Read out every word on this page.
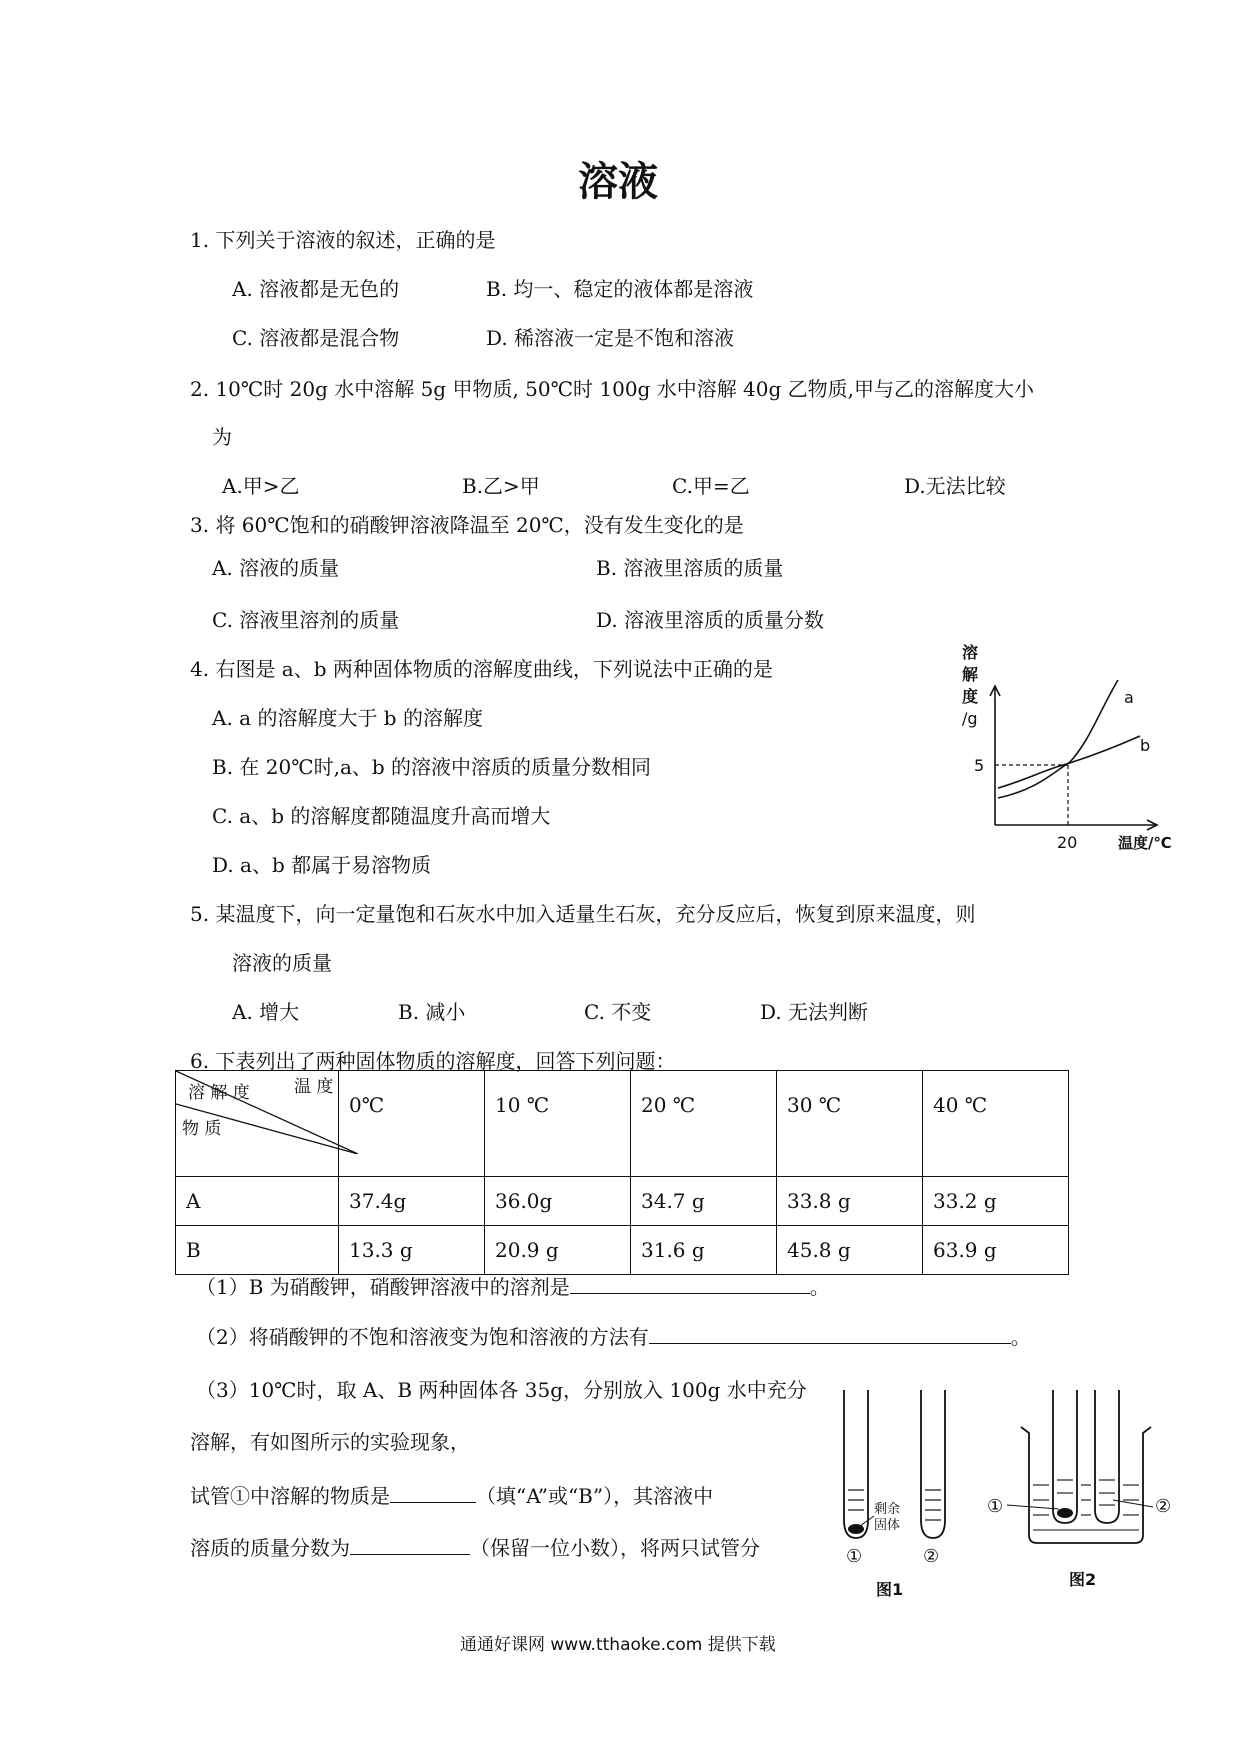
溶液
1. 下列关于溶液的叙述，正确的是
A. 溶液都是无色的	B. 均一、稳定的液体都是溶液
C. 溶液都是混合物	D. 稀溶液一定是不饱和溶液
2. 10℃时 20g 水中溶解 5g 甲物质, 50℃时 100g 水中溶解 40g 乙物质,甲与乙的溶解度大小
为
A.甲>乙	B.乙>甲	C.甲=乙	D.无法比较
3. 将 60℃饱和的硝酸钾溶液降温至 20℃，没有发生变化的是
A. 溶液的质量	B. 溶液里溶质的质量
C. 溶液里溶剂的质量	D. 溶液里溶质的质量分数
4. 右图是 a、b 两种固体物质的溶解度曲线，下列说法中正确的是
A. a 的溶解度大于 b 的溶解度
B. 在 20℃时,a、b 的溶液中溶质的质量分数相同
C. a、b 的溶解度都随温度升高而增大
D. a、b 都属于易溶物质
溶
解
度
/g
5
20	温度/℃
a
b
5. 某温度下，向一定量饱和石灰水中加入适量生石灰，充分反应后，恢复到原来温度，则
溶液的质量
A. 增大	B. 减小	C. 不变	D. 无法判断
6. 下表列出了两种固体物质的溶解度，回答下列问题：
溶 解 度 温 度
物 质	0℃	10 ℃	20 ℃	30 ℃	40 ℃
A	37.4g	36.0g	34.7 g	33.8 g	33.2 g
B	13.3 g	20.9 g	31.6 g	45.8 g	63.9 g
（1）B 为硝酸钾，硝酸钾溶液中的溶剂是	。
（2）将硝酸钾的不饱和溶液变为饱和溶液的方法有	。
（3）10℃时，取 A、B 两种固体各 35g，分别放入 100g 水中充分
溶解，有如图所示的实验现象，
试管①中溶解的物质是	（填“A”或“B”），其溶液中
溶质的质量分数为	（保留一位小数），将两只试管分
剩余
固体
①	②
图1
①	②
图2
通通好课网 www.tthaoke.com 提供下载
